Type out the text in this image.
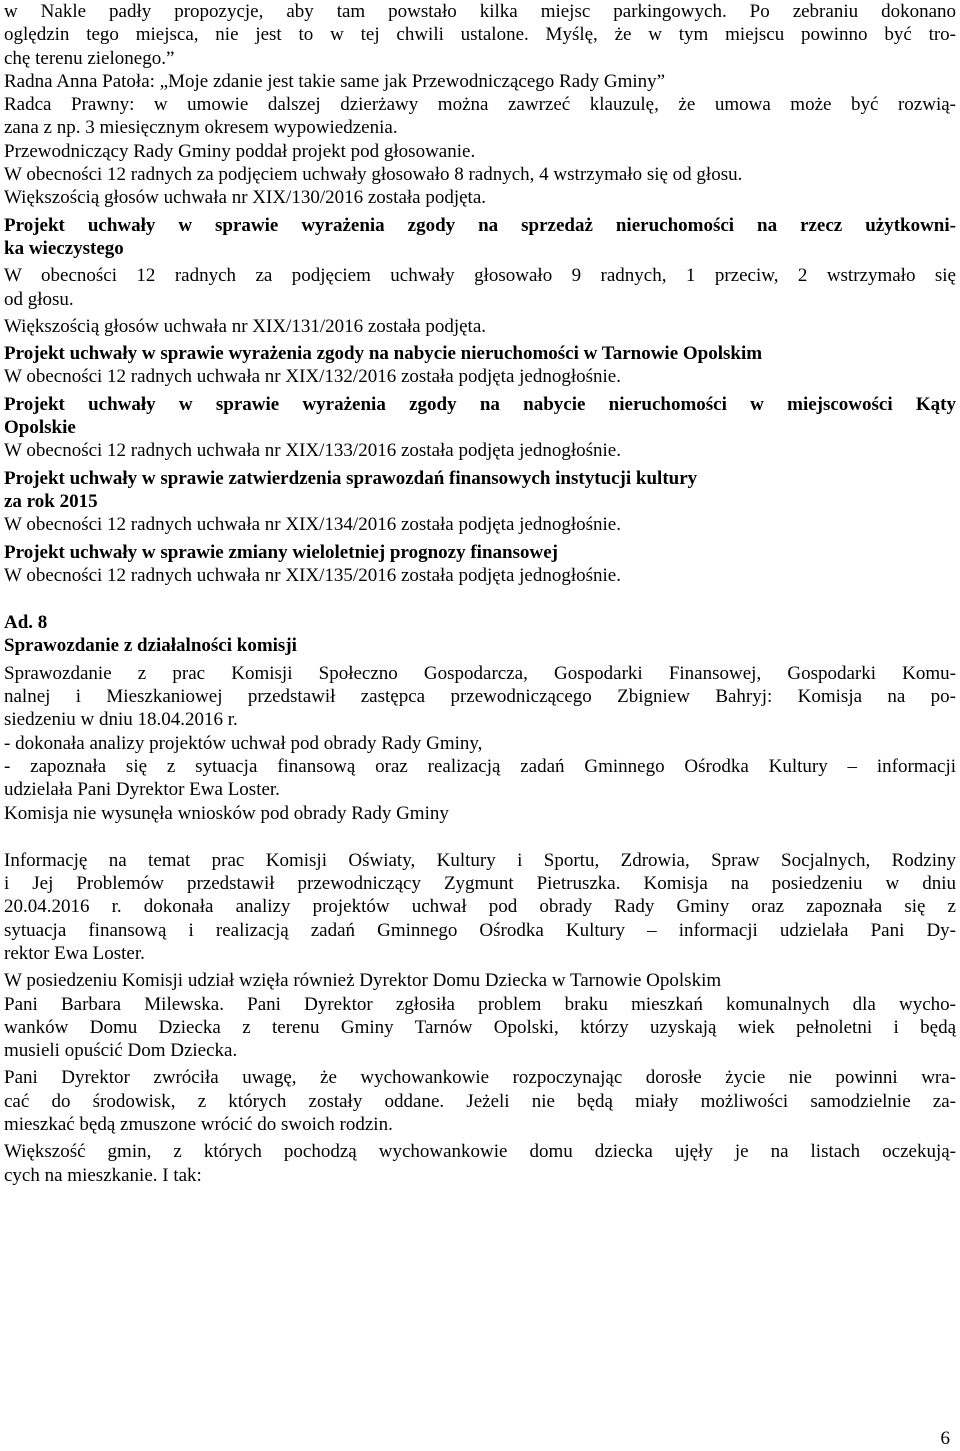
w Nakle padły propozycje, aby tam powstało kilka miejsc parkingowych. Po zebraniu dokonano
oględzin tego miejsca, nie jest to w tej chwili ustalone. Myślę, że w tym miejscu powinno być tro-
chę terenu zielonego.”
Radna Anna Patoła: „Moje zdanie jest takie same jak Przewodniczącego Rady Gminy”
Radca Prawny: w umowie dalszej dzierżawy można zawrzeć klauzulę, że umowa może być rozwią-
zana z np. 3 miesięcznym okresem wypowiedzenia.
Przewodniczący Rady Gminy poddał projekt pod głosowanie.
W obecności 12 radnych za podjęciem uchwały głosowało 8 radnych, 4 wstrzymało się od głosu.
Większością głosów uchwała nr XIX/130/2016 została podjęta.
Projekt uchwały w sprawie wyrażenia zgody na sprzedaż nieruchomości na rzecz użytkowni-
ka wieczystego
W obecności 12 radnych za podjęciem uchwały głosowało 9 radnych, 1 przeciw, 2 wstrzymało się
od głosu.
Większością głosów uchwała nr XIX/131/2016 została podjęta.
Projekt uchwały w sprawie wyrażenia zgody na nabycie nieruchomości w Tarnowie Opolskim
W obecności 12 radnych uchwała nr XIX/132/2016 została podjęta jednogłośnie.
Projekt uchwały w sprawie wyrażenia zgody na nabycie nieruchomości w miejscowości Kąty
Opolskie
W obecności 12 radnych uchwała nr XIX/133/2016 została podjęta jednogłośnie.
Projekt uchwały w sprawie zatwierdzenia sprawozdań finansowych instytucji kultury
za rok 2015
W obecności 12 radnych uchwała nr XIX/134/2016 została podjęta jednogłośnie.
Projekt uchwały w sprawie zmiany wieloletniej prognozy finansowej
W obecności 12 radnych uchwała nr XIX/135/2016 została podjęta jednogłośnie.
Ad. 8
Sprawozdanie z działalności komisji
Sprawozdanie z prac Komisji Społeczno Gospodarcza, Gospodarki Finansowej, Gospodarki Komu-
nalnej i Mieszkaniowej przedstawił zastępca przewodniczącego Zbigniew Bahryj: Komisja na po-
siedzeniu w dniu 18.04.2016 r.
- dokonała analizy projektów uchwał pod obrady Rady Gminy,
- zapoznała się z sytuacja finansową oraz realizacją zadań Gminnego Ośrodka Kultury – informacji
udzielała Pani Dyrektor Ewa Loster.
Komisja nie wysunęła wniosków pod obrady Rady Gminy
Informację na temat prac Komisji Oświaty, Kultury i Sportu, Zdrowia, Spraw Socjalnych, Rodziny
i Jej Problemów przedstawił przewodniczący Zygmunt Pietruszka. Komisja na posiedzeniu w dniu
20.04.2016 r. dokonała analizy projektów uchwał pod obrady Rady Gminy oraz zapoznała się z
sytuacja finansową i realizacją zadań Gminnego Ośrodka Kultury – informacji udzielała Pani Dy-
rektor Ewa Loster.
W posiedzeniu Komisji udział wzięła również Dyrektor Domu Dziecka w Tarnowie Opolskim
Pani Barbara Milewska. Pani Dyrektor zgłosiła problem braku mieszkań komunalnych dla wycho-
wanków Domu Dziecka z terenu Gminy Tarnów Opolski, którzy uzyskają wiek pełnoletni i będą
musieli opuścić Dom Dziecka.
Pani Dyrektor zwróciła uwagę, że wychowankowie rozpoczynając dorosłe życie nie powinni wra-
cać do środowisk, z których zostały oddane. Jeżeli nie będą miały możliwości samodzielnie za-
mieszkać będą zmuszone wrócić do swoich rodzin.
Większość gmin, z których pochodzą wychowankowie domu dziecka ujęły je na listach oczekują-
cych na mieszkanie. I tak:
6
